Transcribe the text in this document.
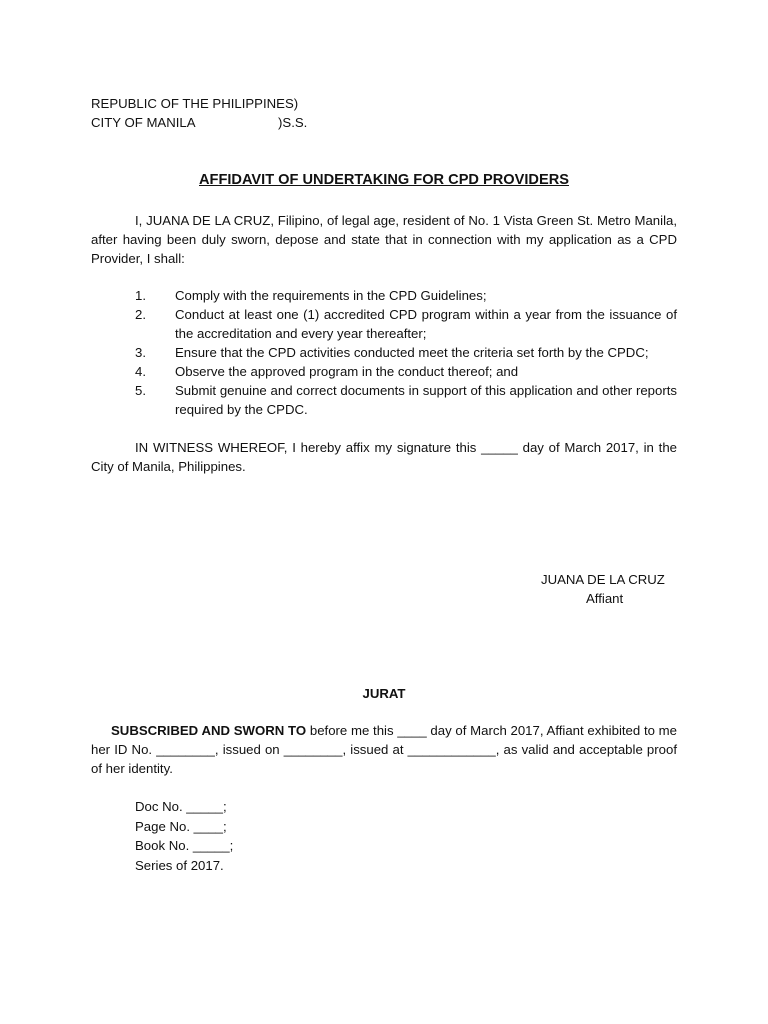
REPUBLIC OF THE PHILIPPINES)
CITY OF MANILA	)S.S.
AFFIDAVIT OF UNDERTAKING FOR CPD PROVIDERS

I, JUANA DE LA CRUZ, Filipino, of legal age, resident of No. 1 Vista Green St. Metro Manila, after having been duly sworn, depose and state that in connection with my application as a CPD Provider, I shall:

1. Comply with the requirements in the CPD Guidelines;
2. Conduct at least one (1) accredited CPD program within a year from the issuance of the accreditation and every year thereafter;
3. Ensure that the CPD activities conducted meet the criteria set forth by the CPDC;
4. Observe the approved program in the conduct thereof; and
5. Submit genuine and correct documents in support of this application and other reports required by the CPDC.

IN WITNESS WHEREOF, I hereby affix my signature this _____ day of March 2017, in the City of Manila, Philippines.

JUANA DE LA CRUZ
Affiant
JURAT

SUBSCRIBED AND SWORN TO before me this ____ day of March 2017, Affiant exhibited to me her ID No. ________, issued on ________, issued at ____________, as valid and acceptable proof of her identity.

Doc No. _____;
Page No. ____;
Book No. _____;
Series of 2017.
